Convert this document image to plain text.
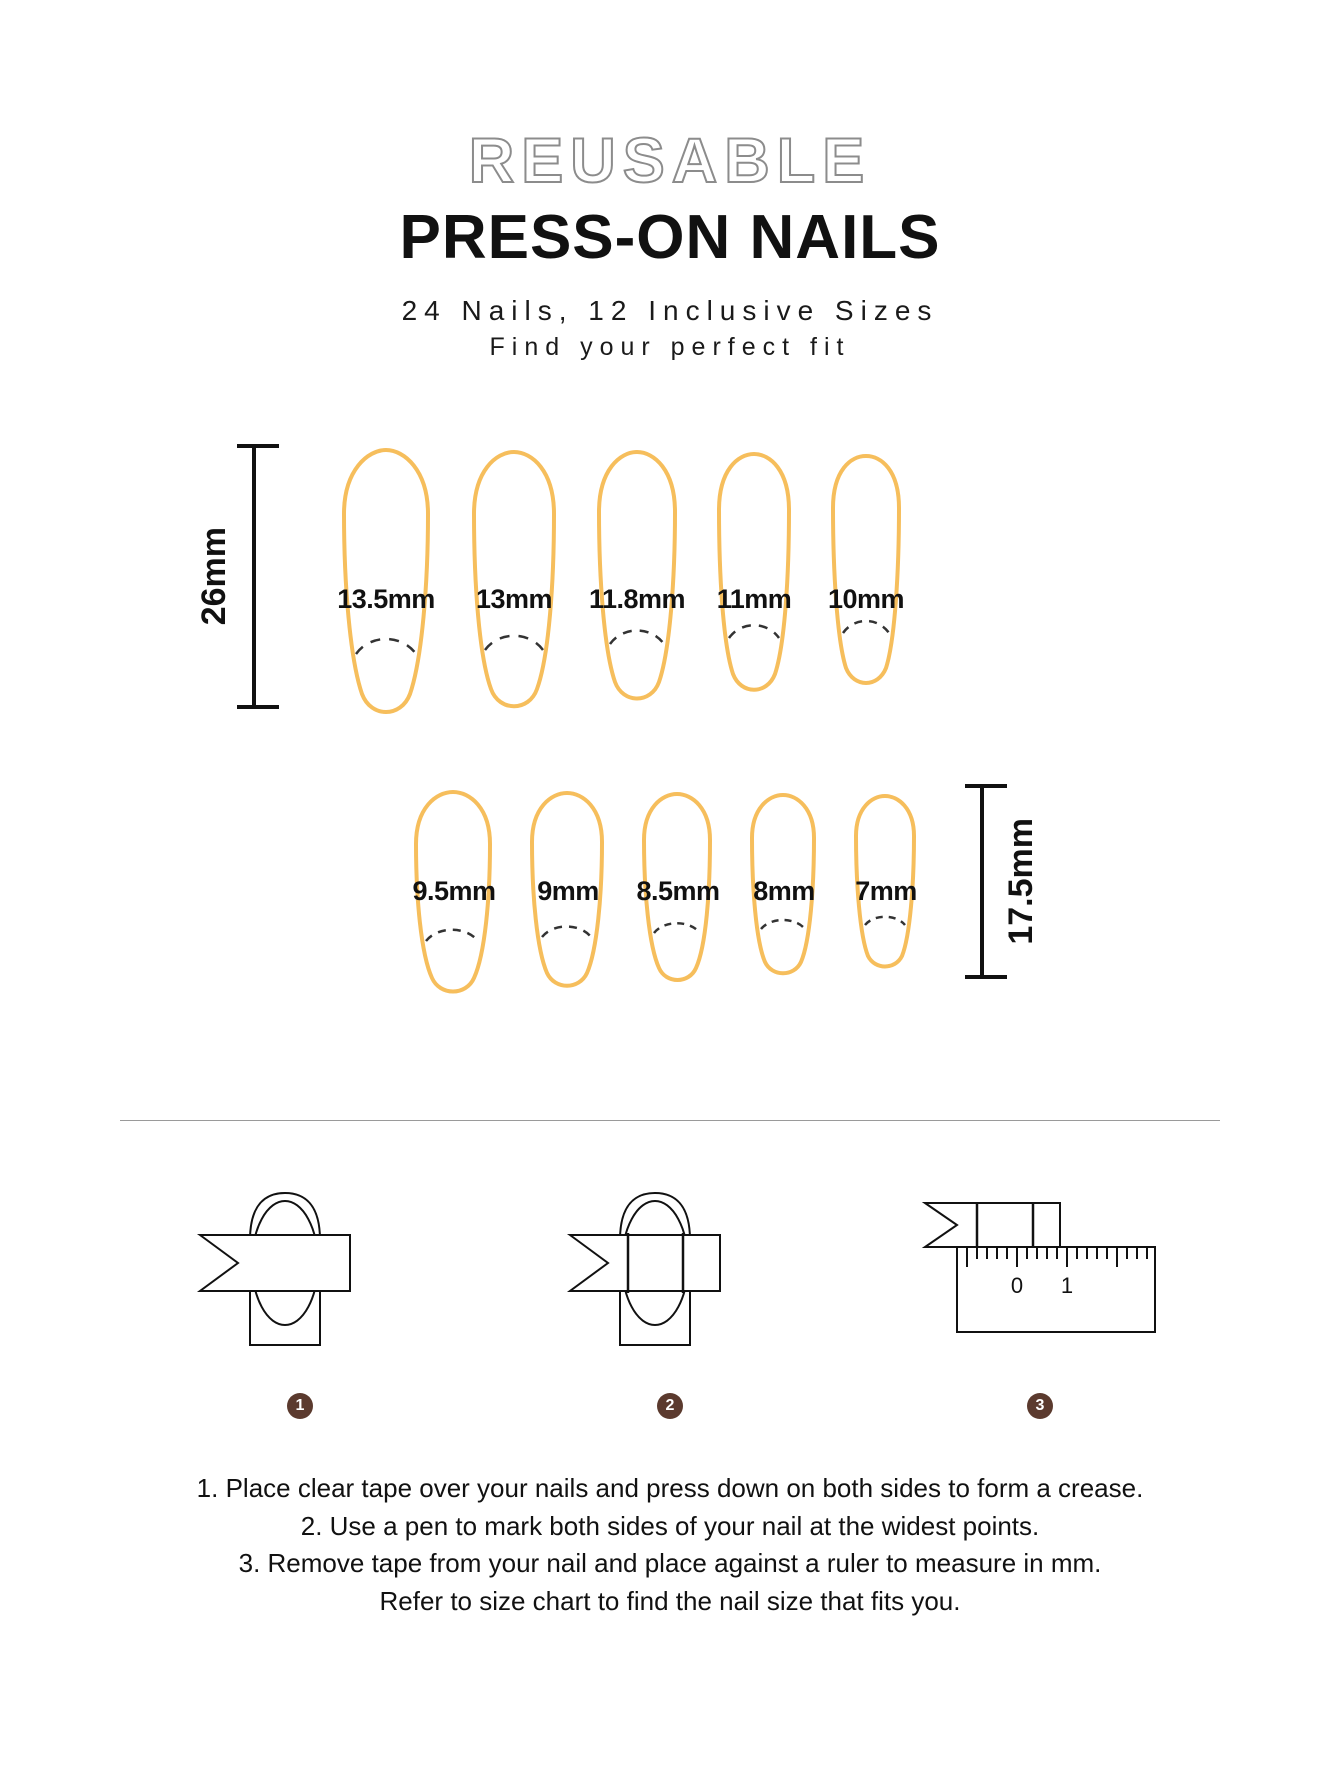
REUSABLE
PRESS-ON NAILS
24 Nails, 12 Inclusive Sizes
Find your perfect fit
26mm	13.5mm	13mm	11.8mm	11mm	10mm
9.5mm	9mm	8.5mm	8mm	7mm	17.5mm
1	2
0 1
3
1. Place clear tape over your nails and press down on both sides to form a crease.
2. Use a pen to mark both sides of your nail at the widest points.
3. Remove tape from your nail and place against a ruler to measure in mm.
Refer to size chart to find the nail size that fits you.
